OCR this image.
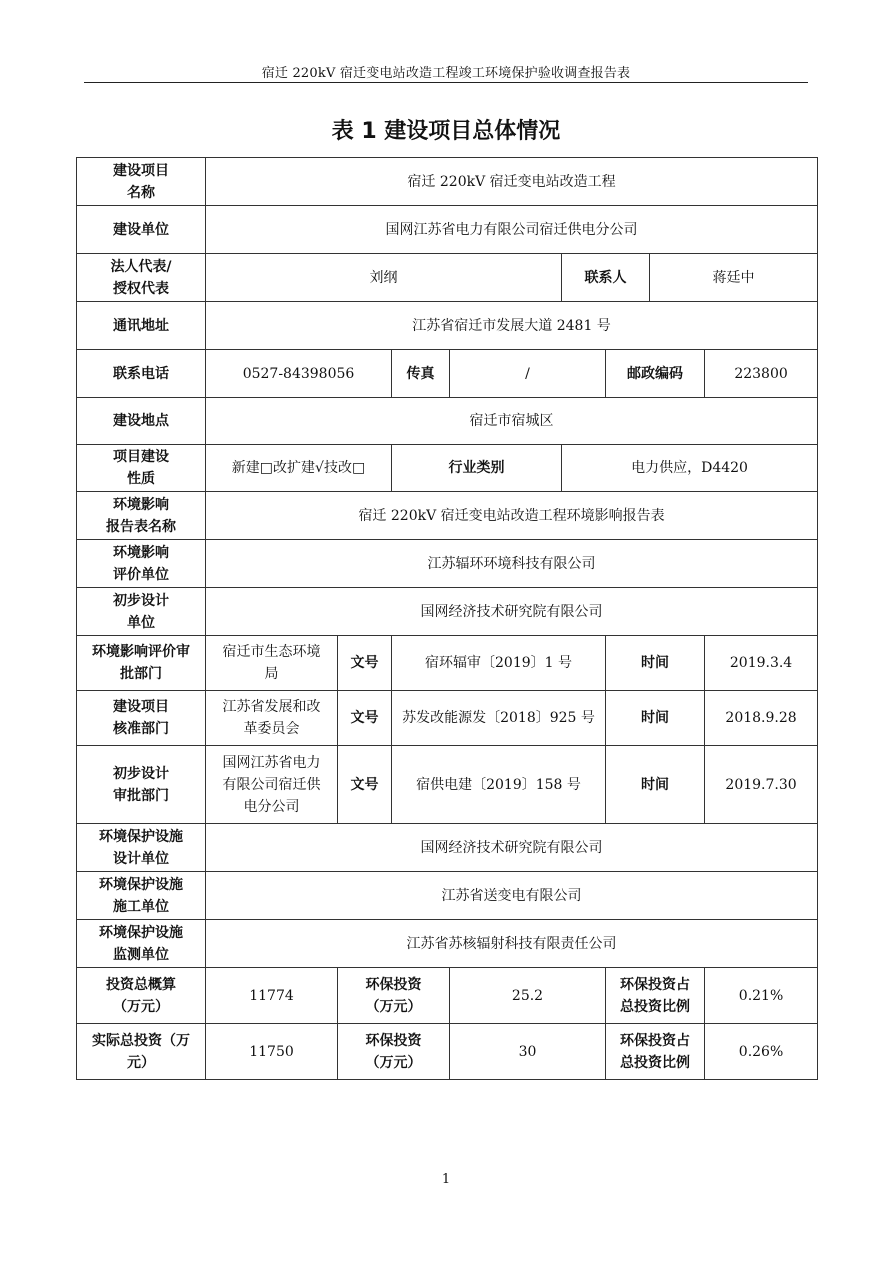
宿迁 220kV 宿迁变电站改造工程竣工环境保护验收调查报告表
表 1 建设项目总体情况
建设项目
名称	宿迁 220kV 宿迁变电站改造工程							
建设单位	国网江苏省电力有限公司宿迁供电分公司							
法人代表/
授权代表	刘纲				联系人		蒋廷中	
通讯地址	江苏省宿迁市发展大道 2481 号							
联系电话	0527-84398056		传真	/		邮政编码		223800
建设地点	宿迁市宿城区							
项目建设
性质	新建□改扩建√技改□		行业类别		电力供应，D4420			
环境影响
报告表名称	宿迁 220kV 宿迁变电站改造工程环境影响报告表							
环境影响
评价单位	江苏辐环环境科技有限公司							
初步设计
单位	国网经济技术研究院有限公司							
环境影响评价审
批部门	宿迁市生态环境
局	文号	宿环辐审〔2019〕1 号			时间		2019.3.4
建设项目
核准部门	江苏省发展和改
革委员会	文号	苏发改能源发〔2018〕925 号			时间		2018.9.28
初步设计
审批部门	国网江苏省电力
有限公司宿迁供
电分公司	文号	宿供电建〔2019〕158 号			时间		2019.7.30
环境保护设施
设计单位	国网经济技术研究院有限公司							
环境保护设施
施工单位	江苏省送变电有限公司							
环境保护设施
监测单位	江苏省苏核辐射科技有限责任公司							
投资总概算
（万元）	11774	环保投资
（万元）		25.2		环保投资占
总投资比例		0.21%
实际总投资（万
元）	11750	环保投资
（万元）		30		环保投资占
总投资比例		0.26%
1
